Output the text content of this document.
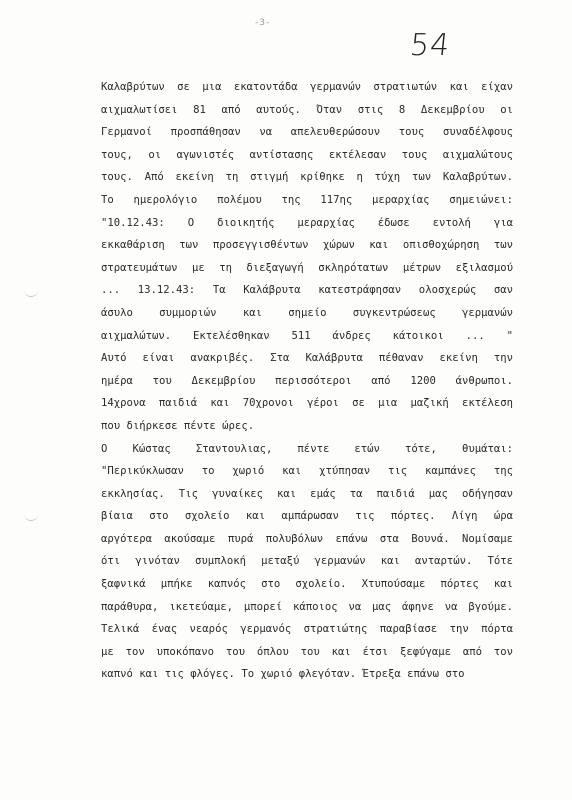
-3-
54
Καλαβρύτων σε μια εκατοντάδα γερμανών στρατιωτών και είχαν
αιχμαλωτίσει 81 από αυτούς. Όταν στις 8 Δεκεμβρίου οι
Γερμανοί προσπάθησαν να απελευθερώσουν τους συναδέλφους
τους, οι αγωνιστές αντίστασης εκτέλεσαν τους αιχμαλώτους
τους. Από εκείνη τη στιγμή κρίθηκε η τύχη των Καλαβρύτων.
Το ημερολόγιο πολέμου της 117ης μεραρχίας σημειώνει:
"10.12.43: Ο διοικητής μεραρχίας έδωσε εντολή για
εκκαθάριση των προσεγγισθέντων χώρων και οπισθοχώρηση των
στρατευμάτων με τη διεξαγωγή σκληρότατων μέτρων εξιλασμού
... 13.12.43: Τα Καλάβρυτα κατεστράφησαν ολοσχερώς σαν
άσυλο συμμοριών και σημείο συγκεντρώσεως γερμανών
αιχμαλώτων. Εκτελέσθηκαν 511 άνδρες κάτοικοι ... "
Αυτό είναι ανακριβές. Στα Καλάβρυτα πέθαναν εκείνη την
ημέρα του Δεκεμβρίου περισσότεροι από 1200 άνθρωποι.
14χρονα παιδιά και 70χρονοι γέροι σε μια μαζική εκτέλεση
που διήρκεσε πέντε ώρες.
Ο Κώστας Σταντουλιας, πέντε ετών τότε, θυμάται:
"Περικύκλωσαν το χωριό και χτύπησαν τις καμπάνες της
εκκλησίας. Τις γυναίκες και εμάς τα παιδιά μας οδήγησαν
βίαια στο σχολείο και αμπάρωσαν τις πόρτες. Λίγη ώρα
αργότερα ακούσαμε πυρά πολυβόλων επάνω στα Βουνά. Νομίσαμε
ότι γινόταν συμπλοκή μεταξύ γερμανών και ανταρτών. Τότε
ξαφνικά μπήκε καπνός στο σχολείο. Χτυπούσαμε πόρτες και
παράθυρα, ικετεύαμε, μπορεί κάποιος να μας άφηνε να βγούμε.
Τελικά ένας νεαρός γερμανός στρατιώτης παραβίασε την πόρτα
με τον υποκόπανο του όπλου του και έτσι ξεφύγαμε από τον
καπνό και τις φλόγες. Το χωριό φλεγόταν. Έτρεξα επάνω στο
